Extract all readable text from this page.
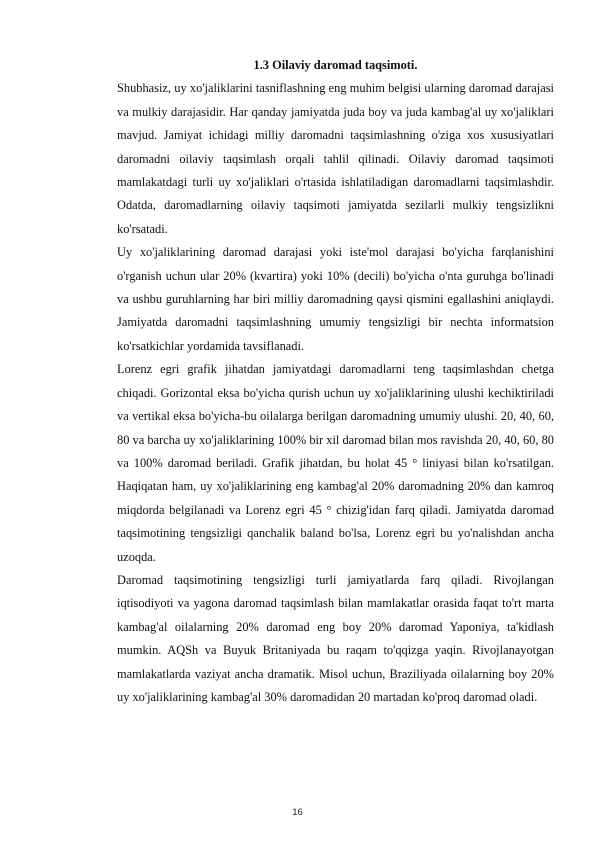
1.3 Oilaviy daromad taqsimoti.

Shubhasiz, uy xo'jaliklarini tasniflashning eng muhim belgisi ularning daromad darajasi va mulkiy darajasidir. Har qanday jamiyatda juda boy va juda kambag'al uy xo'jaliklari mavjud. Jamiyat ichidagi milliy daromadni taqsimlashning o'ziga xos xususiyatlari daromadni oilaviy taqsimlash orqali tahlil qilinadi. Oilaviy daromad taqsimoti mamlakatdagi turli uy xo'jaliklari o'rtasida ishlatiladigan daromadlarni taqsimlashdir. Odatda, daromadlarning oilaviy taqsimoti jamiyatda sezilarli mulkiy tengsizlikni ko'rsatadi.

Uy xo'jaliklarining daromad darajasi yoki iste'mol darajasi bo'yicha farqlanishini o'rganish uchun ular 20% (kvartira) yoki 10% (decili) bo'yicha o'nta guruhga bo'linadi va ushbu guruhlarning har biri milliy daromadning qaysi qismini egallashini aniqlaydi. Jamiyatda daromadni taqsimlashning umumiy tengsizligi bir nechta informatsion ko'rsatkichlar yordamida tavsiflanadi.

Lorenz egri grafik jihatdan jamiyatdagi daromadlarni teng taqsimlashdan chetga chiqadi. Gorizontal eksa bo'yicha qurish uchun uy xo'jaliklarining ulushi kechiktiriladi va vertikal eksa bo'yicha-bu oilalarga berilgan daromadning umumiy ulushi. 20, 40, 60, 80 va barcha uy xo'jaliklarining 100% bir xil daromad bilan mos ravishda 20, 40, 60, 80 va 100% daromad beriladi. Grafik jihatdan, bu holat 45 ° liniyasi bilan ko'rsatilgan. Haqiqatan ham, uy xo'jaliklarining eng kambag'al 20% daromadning 20% dan kamroq miqdorda belgilanadi va Lorenz egri 45 ° chizig'idan farq qiladi. Jamiyatda daromad taqsimotining tengsizligi qanchalik baland bo'lsa, Lorenz egri bu yo'nalishdan ancha uzoqda.

Daromad taqsimotining tengsizligi turli jamiyatlarda farq qiladi. Rivojlangan iqtisodiyoti va yagona daromad taqsimlash bilan mamlakatlar orasida faqat to'rt marta kambag'al oilalarning 20% daromad eng boy 20% daromad Yaponiya, ta'kidlash mumkin. AQSh va Buyuk Britaniyada bu raqam to'qqizga yaqin. Rivojlanayotgan mamlakatlarda vaziyat ancha dramatik. Misol uchun, Braziliyada oilalarning boy 20% uy xo'jaliklarining kambag'al 30% daromadidan 20 martadan ko'proq daromad oladi.

16
